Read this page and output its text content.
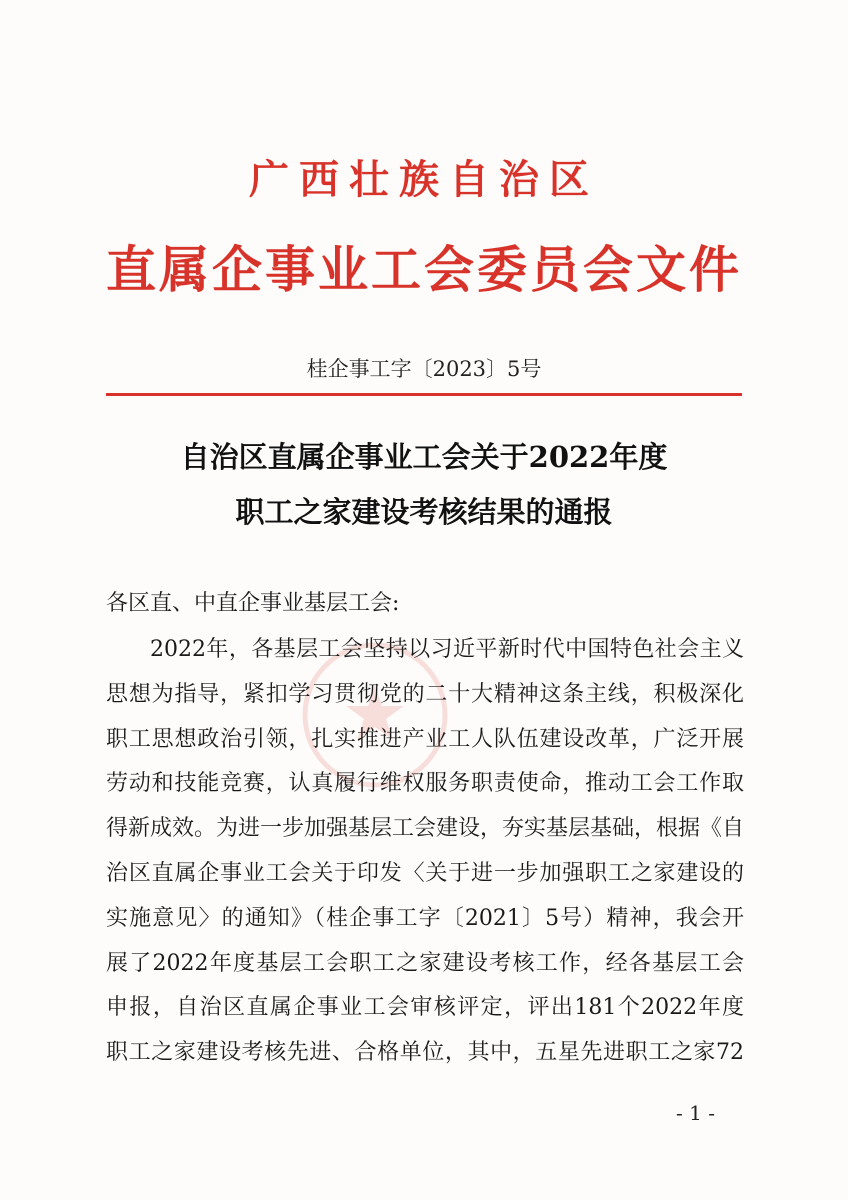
广西壮族自治区
直属企事业工会委员会文件
桂企事工字〔2023〕5号
自治区直属企事业工会关于2022年度
职工之家建设考核结果的通报
各区直、中直企事业基层工会:
2022年，各基层工会坚持以习近平新时代中国特色社会主义
思想为指导，紧扣学习贯彻党的二十大精神这条主线，积极深化
职工思想政治引领，扎实推进产业工人队伍建设改革，广泛开展
劳动和技能竞赛，认真履行维权服务职责使命，推动工会工作取
得新成效。为进一步加强基层工会建设，夯实基层基础，根据《自
治区直属企事业工会关于印发〈关于进一步加强职工之家建设的
实施意见〉的通知》（桂企事工字〔2021〕5号）精神，我会开
展了2022年度基层工会职工之家建设考核工作，经各基层工会
申报，自治区直属企事业工会审核评定，评出181个2022年度
职工之家建设考核先进、合格单位，其中，五星先进职工之家72
- 1 -
